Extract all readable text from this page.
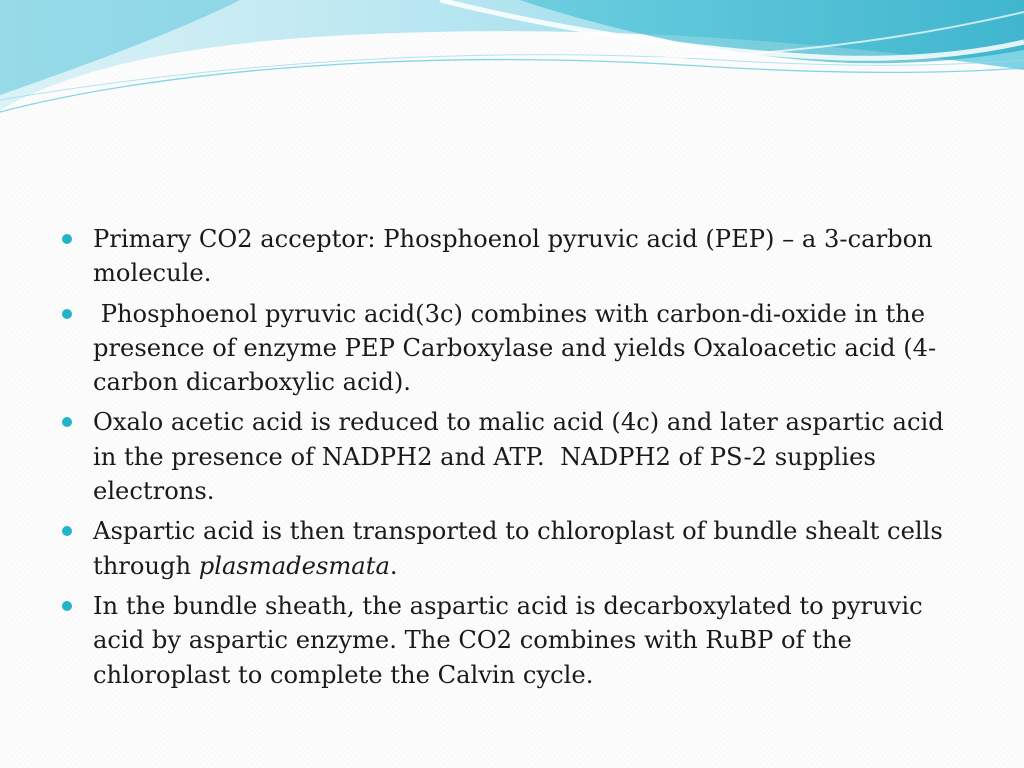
Primary CO2 acceptor: Phosphoenol pyruvic acid (PEP) – a 3-carbon molecule.
Phosphoenol pyruvic acid(3c) combines with carbon-di-oxide in the presence of enzyme PEP Carboxylase and yields Oxaloacetic acid (4-carbon dicarboxylic acid).
Oxalo acetic acid is reduced to malic acid (4c) and later aspartic acid in the presence of NADPH2 and ATP.  NADPH2 of PS-2 supplies electrons.
Aspartic acid is then transported to chloroplast of bundle shealt cells through plasmadesmata.
In the bundle sheath, the aspartic acid is decarboxylated to pyruvic acid by aspartic enzyme. The CO2 combines with RuBP of the chloroplast to complete the Calvin cycle.
